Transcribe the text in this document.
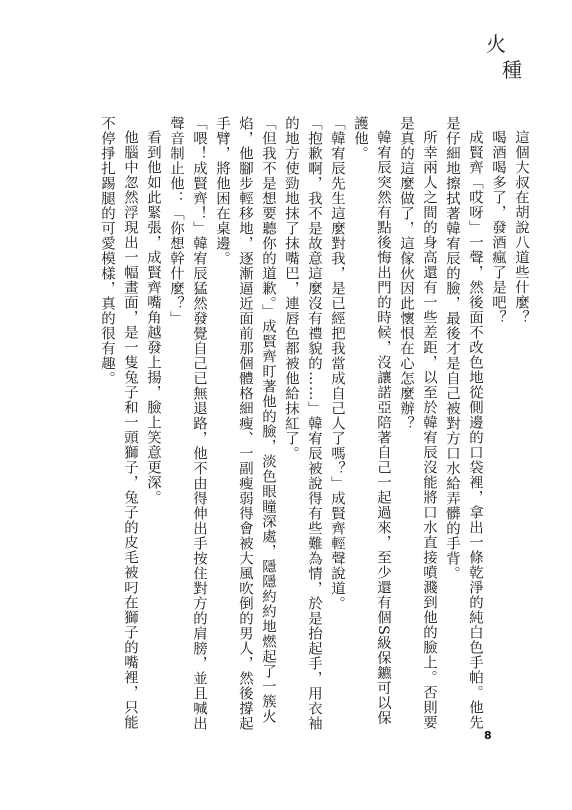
火
種

這個大叔在胡說八道些什麼？

喝酒喝多了，發酒瘋了是吧？

成賢齊「哎呀」一聲，然後面不改色地從側邊的口袋裡，拿出一條乾淨的純白色手帕。他先是仔細地擦拭著韓宥辰的臉，最後才是自己被對方口水給弄髒的手背。

所幸兩人之間的身高還有一些差距，以至於韓宥辰沒能將口水直接噴濺到他的臉上。否則要是真的這麼做了，這傢伙因此懷恨在心怎麼辦？

韓宥辰突然有點後悔出門的時候，沒讓諾亞陪著自己一起過來，至少還有個S級保鑣可以保護他。

「韓宥辰先生這麼對我，是已經把我當成自己人了嗎？」成賢齊輕聲說道。

「抱歉啊，我不是故意這麼沒有禮貌的……」韓宥辰被說得有些難為情，於是抬起手，用衣袖的地方使勁地抹了抹嘴巴，連唇色都被他給抹紅了。

「但我不是想要聽你的道歉。」成賢齊盯著他的臉，淡色眼瞳深處，隱隱約約地燃起了一簇火焰，他腳步輕移地，逐漸逼近面前那個體格細瘦、一副瘦弱得會被大風吹倒的男人，然後撐起手臂，將他困在桌邊。

「喂！成賢齊！」韓宥辰猛然發覺自己已無退路，他不由得伸出手按住對方的肩膀，並且喊出聲音制止他：「你想幹什麼？」

看到他如此緊張，成賢齊嘴角越發上揚，臉上笑意更深。

他腦中忽然浮現出一幅畫面，是一隻兔子和一頭獅子，兔子的皮毛被叼在獅子的嘴裡，只能不停掙扎踢腿的可愛模樣，真的很有趣。

8
